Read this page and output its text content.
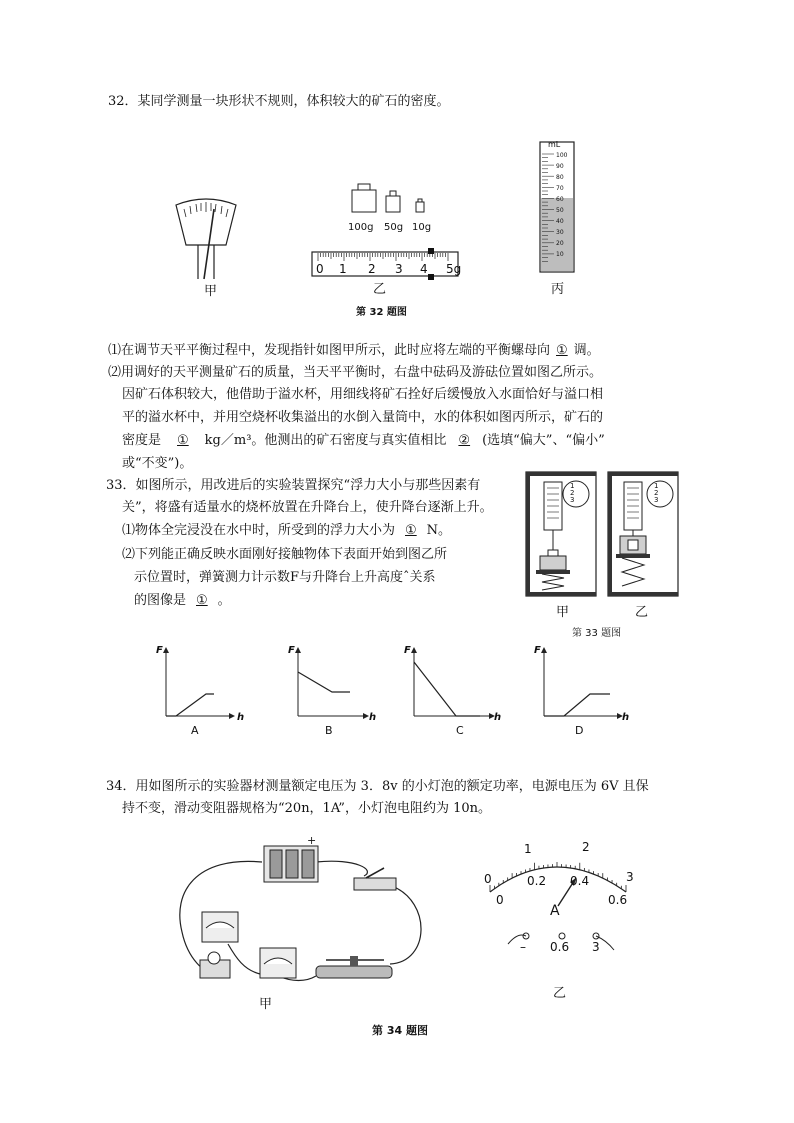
32．某同学测量一块形状不规则，体积较大的矿石的密度。
甲
100g 50g 10g
0 1 2 3 4 5g
乙
mL
100
90
80
70
60
50
40
30
20
10
丙
第 32 题图
⑴在调节天平平衡过程中，发现指针如图甲所示，此时应将左端的平衡螺母向 ① 调。
⑵用调好的天平测量矿石的质量，当天平平衡时，右盘中砝码及游砝位置如图乙所示。
因矿石体积较大，他借助于溢水杯，用细线将矿石拴好后缓慢放入水面恰好与溢口相
平的溢水杯中，并用空烧杯收集溢出的水倒入量筒中，水的体积如图丙所示，矿石的
密度是 ① kg／m³。他测出的矿石密度与真实值相比 ② (选填“偏大”、“偏小”
或“不变”)。
33．如图所示，用改进后的实验装置探究“浮力大小与那些因素有
关”，将盛有适量水的烧杯放置在升降台上，使升降台逐渐上升。
⑴物体全完浸没在水中时，所受到的浮力大小为 ① N。
⑵下列能正确反映水面刚好接触物体下表面开始到图乙所
示位置时，弹簧测力计示数F与升降台上升高度ˆ关系
的图像是 ① 。
1
2
3
1
2
3
甲	乙
第 33 题图
F
h
A
F
h
B
F
h
C
F
h
D
34．用如图所示的实验器材测量额定电压为 3．8v 的小灯泡的额定功率，电源电压为 6V 且保
持不变，滑动变阻器规格为“20n，1A”，小灯泡电阻约为 10n。
+
甲
0
1	2
3
0
0.2 0.4
0.6
A
– 0.6 3
乙
第 34 题图
